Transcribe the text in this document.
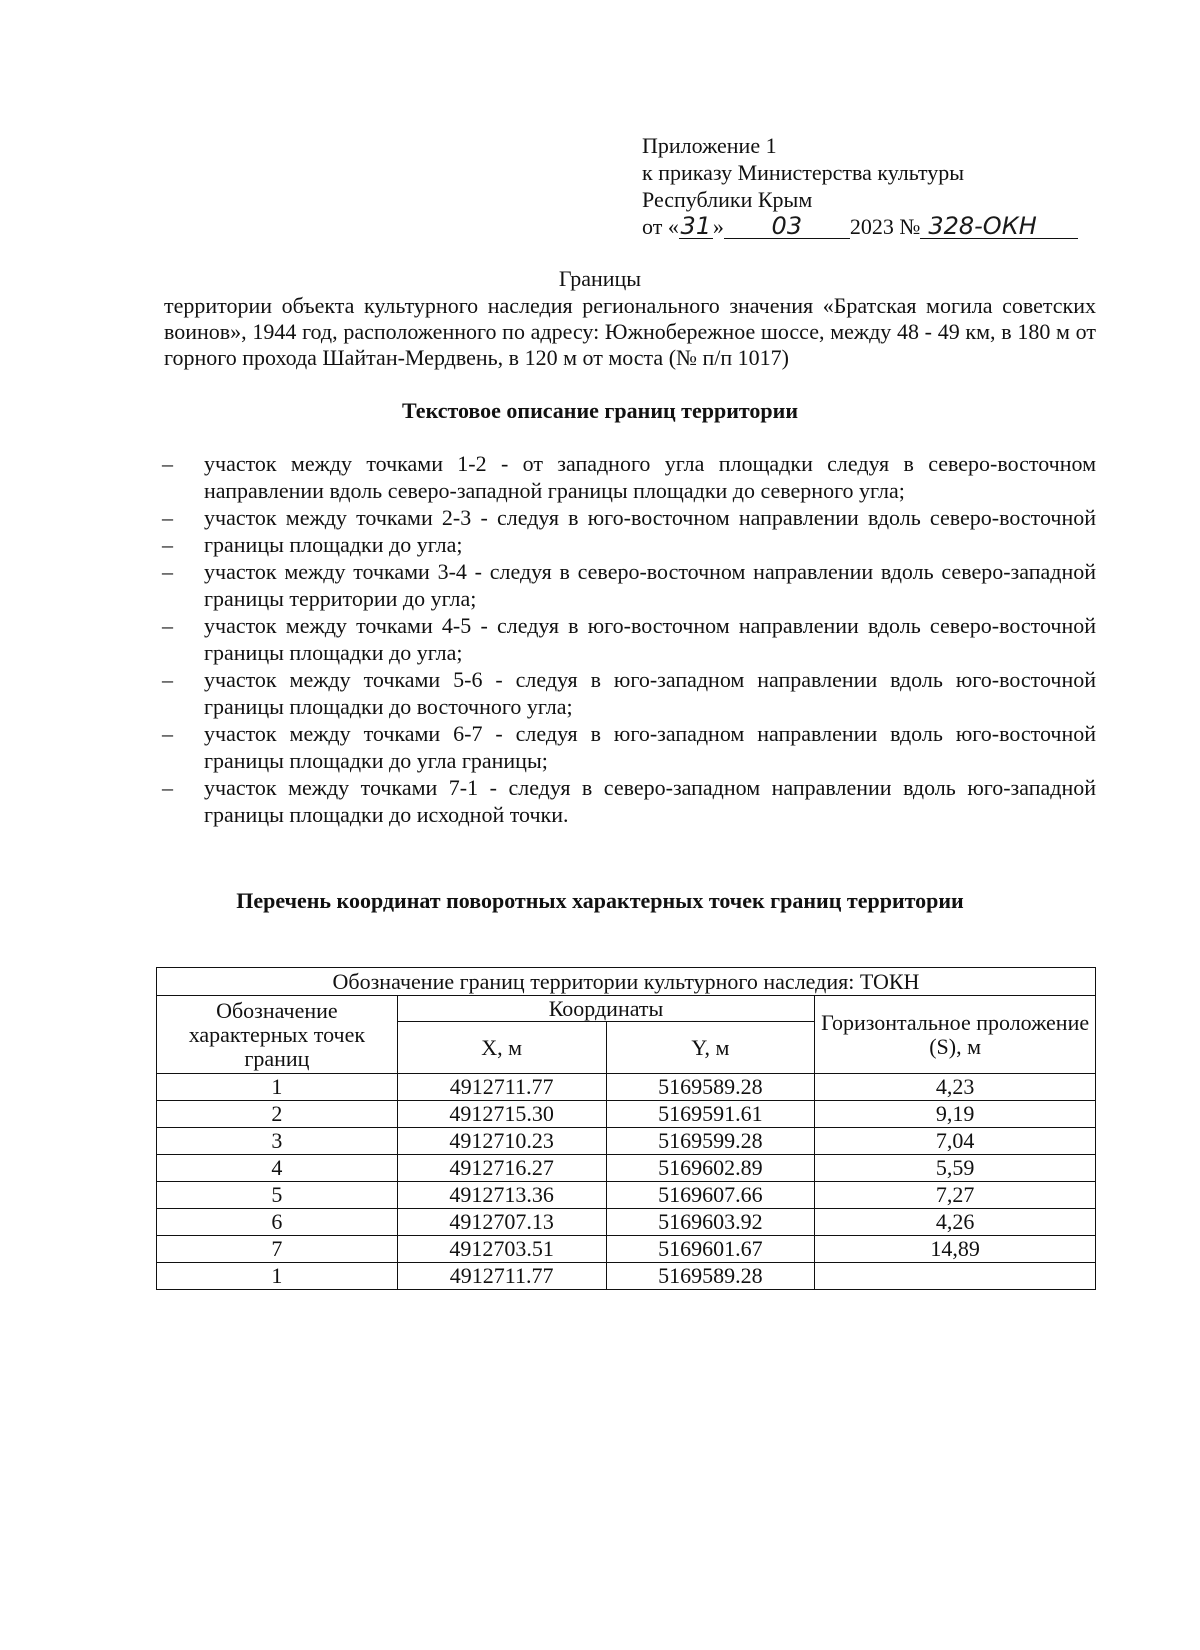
Приложение 1
к приказу Министерства культуры
Республики Крым
от «31» 03 2023 № 328-ОКН
Границы
территории объекта культурного наследия регионального значения «Братская могила советских воинов», 1944 год, расположенного по адресу: Южнобережное шоссе, между 48 - 49 км, в 180 м от горного прохода Шайтан-Мердвень, в 120 м от моста (№ п/п 1017)
Текстовое описание границ территории
– участок между точками 1-2 - от западного угла площадки следуя в северо-восточном направлении вдоль северо-западной границы площадки до северного угла;
– участок между точками 2-3 - следуя в юго-восточном направлении вдоль северо-восточной
– границы площадки до угла;
– участок между точками 3-4 - следуя в северо-восточном направлении вдоль северо-западной границы территории до угла;
– участок между точками 4-5 - следуя в юго-восточном направлении вдоль северо-восточной границы площадки до угла;
– участок между точками 5-6 - следуя в юго-западном направлении вдоль юго-восточной границы площадки до восточного угла;
– участок между точками 6-7 - следуя в юго-западном направлении вдоль юго-восточной границы площадки до угла границы;
– участок между точками 7-1 - следуя в северо-западном направлении вдоль юго-западной границы площадки до исходной точки.
Перечень координат поворотных характерных точек границ территории
Обозначение границ территории культурного наследия: ТОКН			
Обозначение характерных точек границ	Координаты		Горизонтальное проложение (S), м
	X, м	Y, м	
1	4912711.77	5169589.28	4,23
2	4912715.30	5169591.61	9,19
3	4912710.23	5169599.28	7,04
4	4912716.27	5169602.89	5,59
5	4912713.36	5169607.66	7,27
6	4912707.13	5169603.92	4,26
7	4912703.51	5169601.67	14,89
1	4912711.77	5169589.28	
